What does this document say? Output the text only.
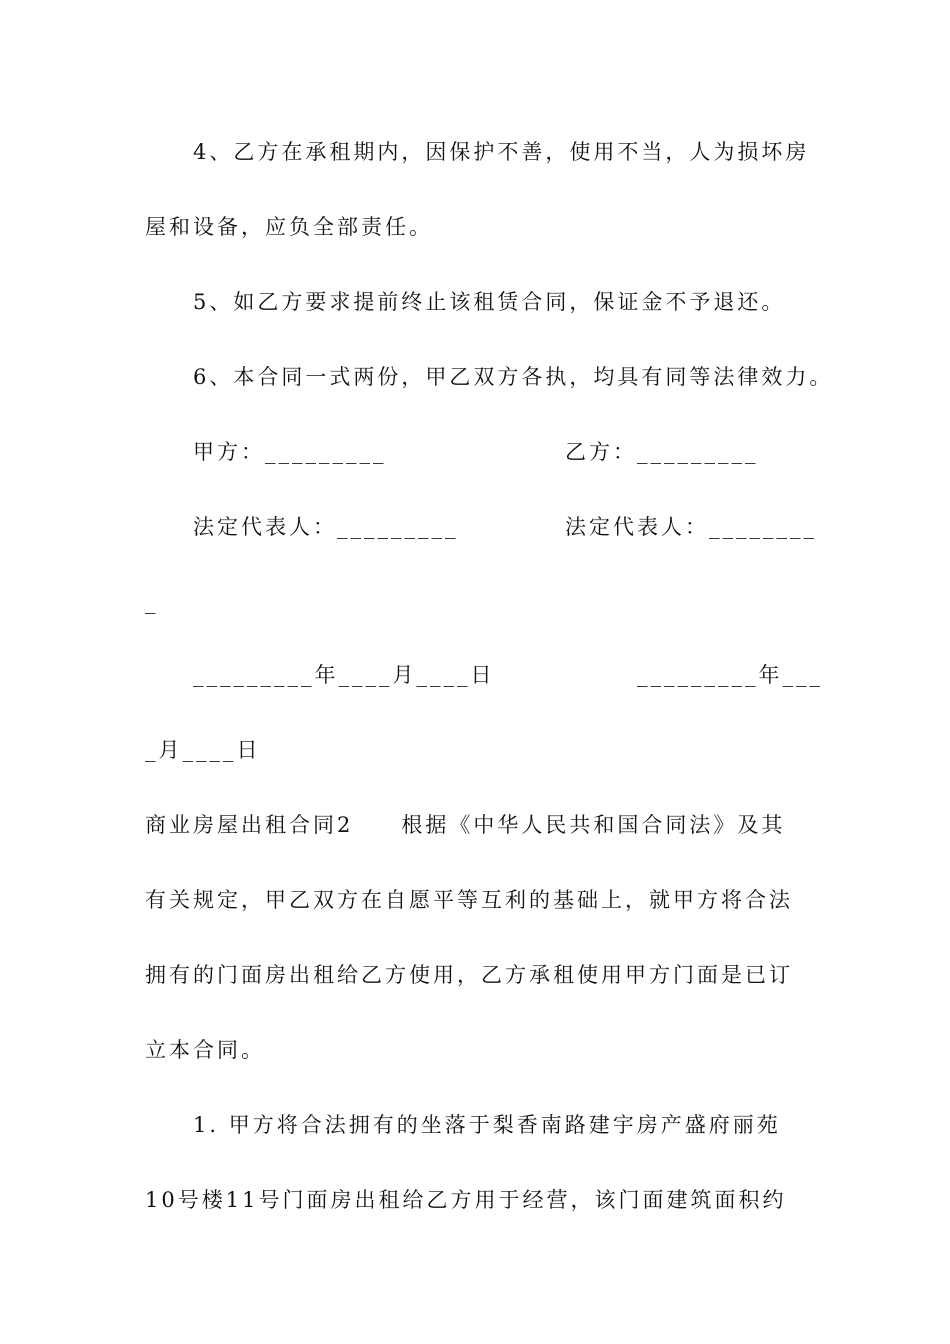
4、乙方在承租期内，因保护不善，使用不当，人为损坏房
屋和设备，应负全部责任。
5、如乙方要求提前终止该租赁合同，保证金不予退还。
6、本合同一式两份，甲乙双方各执，均具有同等法律效力。
甲方：_________	乙方：_________
法定代表人：_________	法定代表人：________
_
_________年____月____日	_________年___
_月____日
商业房屋出租合同2　　根据《中华人民共和国合同法》及其
有关规定，甲乙双方在自愿平等互利的基础上，就甲方将合法
拥有的门面房出租给乙方使用，乙方承租使用甲方门面是已订
立本合同。
1. 甲方将合法拥有的坐落于梨香南路建宇房产盛府丽苑
10号楼11号门面房出租给乙方用于经营，该门面建筑面积约
